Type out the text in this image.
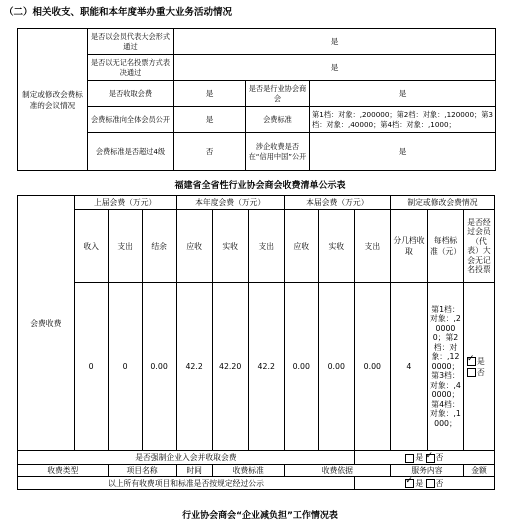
（二）相关收支、职能和本年度举办重大业务活动情况
制定或修改会费标准的会议情况	是否以会员代表大会形式通过	是		
	是否以无记名投票方式表决通过	是		
	是否收取会费	是	是否是行业协会商会	是
	会费标准向全体会员公开	是	会费标准	第1档：对象：,200000；第2档：对象：,120000；第3档：对象：,40000；第4档：对象：,1000；
	会费标准是否超过4级	否	涉企收费是否在“信用中国”公开	是
福建省全省性行业协会商会收费清单公示表
会费收费	上届会费（万元）			本年度会费（万元）			本届会费（万元）			制定或修改会费情况		
	收入	支出	结余	应收	实收	支出	应收	实收	支出	分几档收取	每档标准（元）	是否经过会员（代表）大会无记名投票
	0	0	0.00	42.2	42.20	42.2	0.00	0.00	0.00	4	第1档：对象：,200000；第2档：对象：,120000；第3档：对象：,40000；第4档：对象：,1000；	
✓是
否

是否强制企业入会并收取会费									是 ✓ 否
收费类型		项目名称		时间	收费标准		收费依据			服务内容		金额
以上所有收费项目和标准是否按规定经过公示	✓是 否
行业协会商会“企业减负担”工作情况表
